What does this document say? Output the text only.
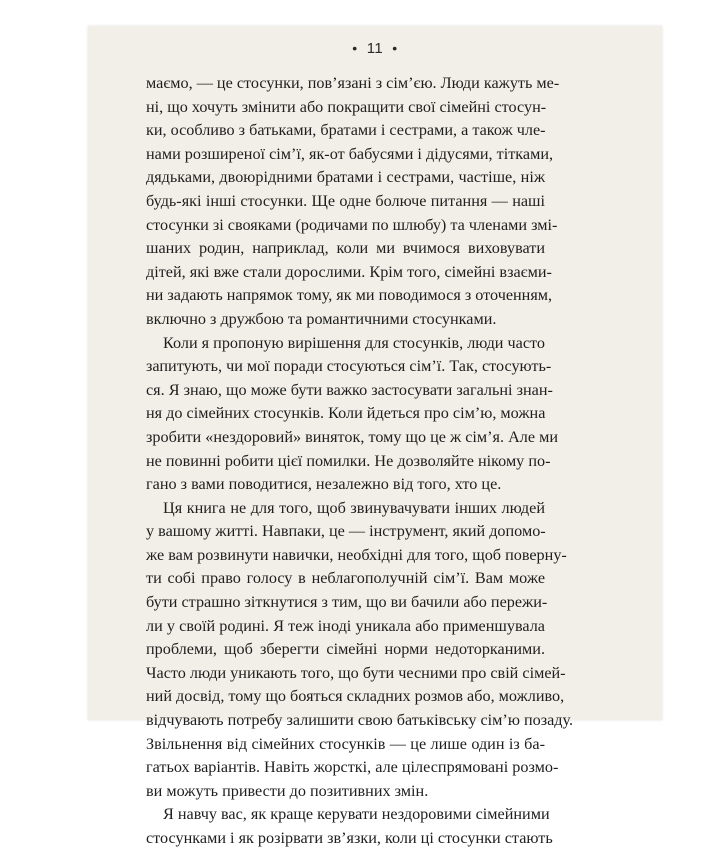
• 11 •
маємо, — це стосунки, пов’язані з сім’єю. Люди кажуть ме-
ні, що хочуть змінити або покращити свої сімейні стосун-
ки, особливо з батьками, братами і сестрами, а також чле-
нами розширеної сім’ї, як-от бабусями і дідусями, тітками,
дядьками, двоюрідними братами і сестрами, частіше, ніж
будь-які інші стосунки. Ще одне болюче питання — наші
стосунки зі свояками (родичами по шлюбу) та членами змі-
шаних родин, наприклад, коли ми вчимося виховувати
дітей, які вже стали дорослими. Крім того, сімейні взаєми-
ни задають напрямок тому, як ми поводимося з оточенням,
включно з дружбою та романтичними стосунками.
Коли я пропоную вирішення для стосунків, люди часто
запитують, чи мої поради стосуються сім’ї. Так, стосують-
ся. Я знаю, що може бути важко застосувати загальні знан-
ня до сімейних стосунків. Коли йдеться про сім’ю, можна
зробити «нездоровий» виняток, тому що це ж сім’я. Але ми
не повинні робити цієї помилки. Не дозволяйте нікому по-
гано з вами поводитися, незалежно від того, хто це.
Ця книга не для того, щоб звинувачувати інших людей
у вашому житті. Навпаки, це — інструмент, який допомо-
же вам розвинути навички, необхідні для того, щоб поверну-
ти собі право голосу в неблагополучній сім’ї. Вам може
бути страшно зіткнутися з тим, що ви бачили або пережи-
ли у своїй родині. Я теж іноді уникала або применшувала
проблеми, щоб зберегти сімейні норми недоторканими.
Часто люди уникають того, що бути чесними про свій сімей-
ний досвід, тому що бояться складних розмов або, можливо,
відчувають потребу залишити свою батьківську сім’ю позаду.
Звільнення від сімейних стосунків — це лише один із ба-
гатьох варіантів. Навіть жорсткі, але цілеспрямовані розмо-
ви можуть привести до позитивних змін.
Я навчу вас, як краще керувати нездоровими сімейними
стосунками і як розірвати зв’язки, коли ці стосунки стають
